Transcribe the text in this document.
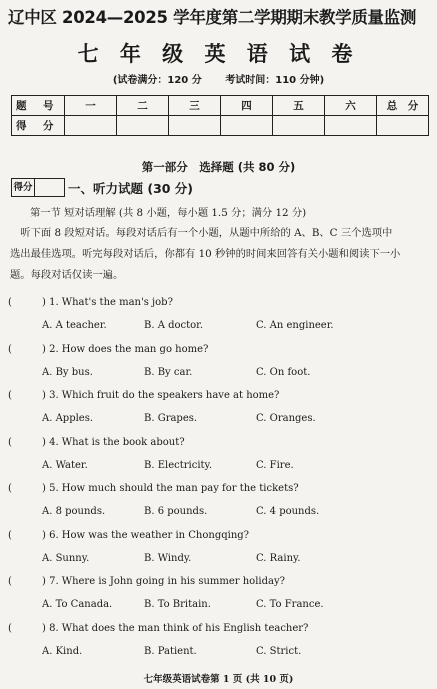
辽中区 2024—2025 学年度第二学期期末教学质量监测
七 年 级 英 语 试 卷
(试卷满分：120 分 考试时间：110 分钟)
题　号	一	二	三	四	五	六	总　分
得　分							
第一部分　选择题 (共 80 分)
得分	一、听力试题 (30 分)
第一节 短对话理解 (共 8 小题，每小题 1.5 分；满分 12 分)
　听下面 8 段短对话。每段对话后有一个小题，从题中所给的 A、B、C 三个选项中
选出最佳选项。听完每段对话后，你都有 10 秒钟的时间来回答有关小题和阅读下一小
题。每段对话仅读一遍。
(	) 1. What's the man's job?
A. A teacher.	B. A doctor.	C. An engineer.
(	) 2. How does the man go home?
A. By bus.	B. By car.	C. On foot.
(	) 3. Which fruit do the speakers have at home?
A. Apples.	B. Grapes.	C. Oranges.
(	) 4. What is the book about?
A. Water.	B. Electricity.	C. Fire.
(	) 5. How much should the man pay for the tickets?
A. 8 pounds.	B. 6 pounds.	C. 4 pounds.
(	) 6. How was the weather in Chongqing?
A. Sunny.	B. Windy.	C. Rainy.
(	) 7. Where is John going in his summer holiday?
A. To Canada.	B. To Britain.	C. To France.
(	) 8. What does the man think of his English teacher?
A. Kind.	B. Patient.	C. Strict.
七年级英语试卷第 1 页 (共 10 页)
